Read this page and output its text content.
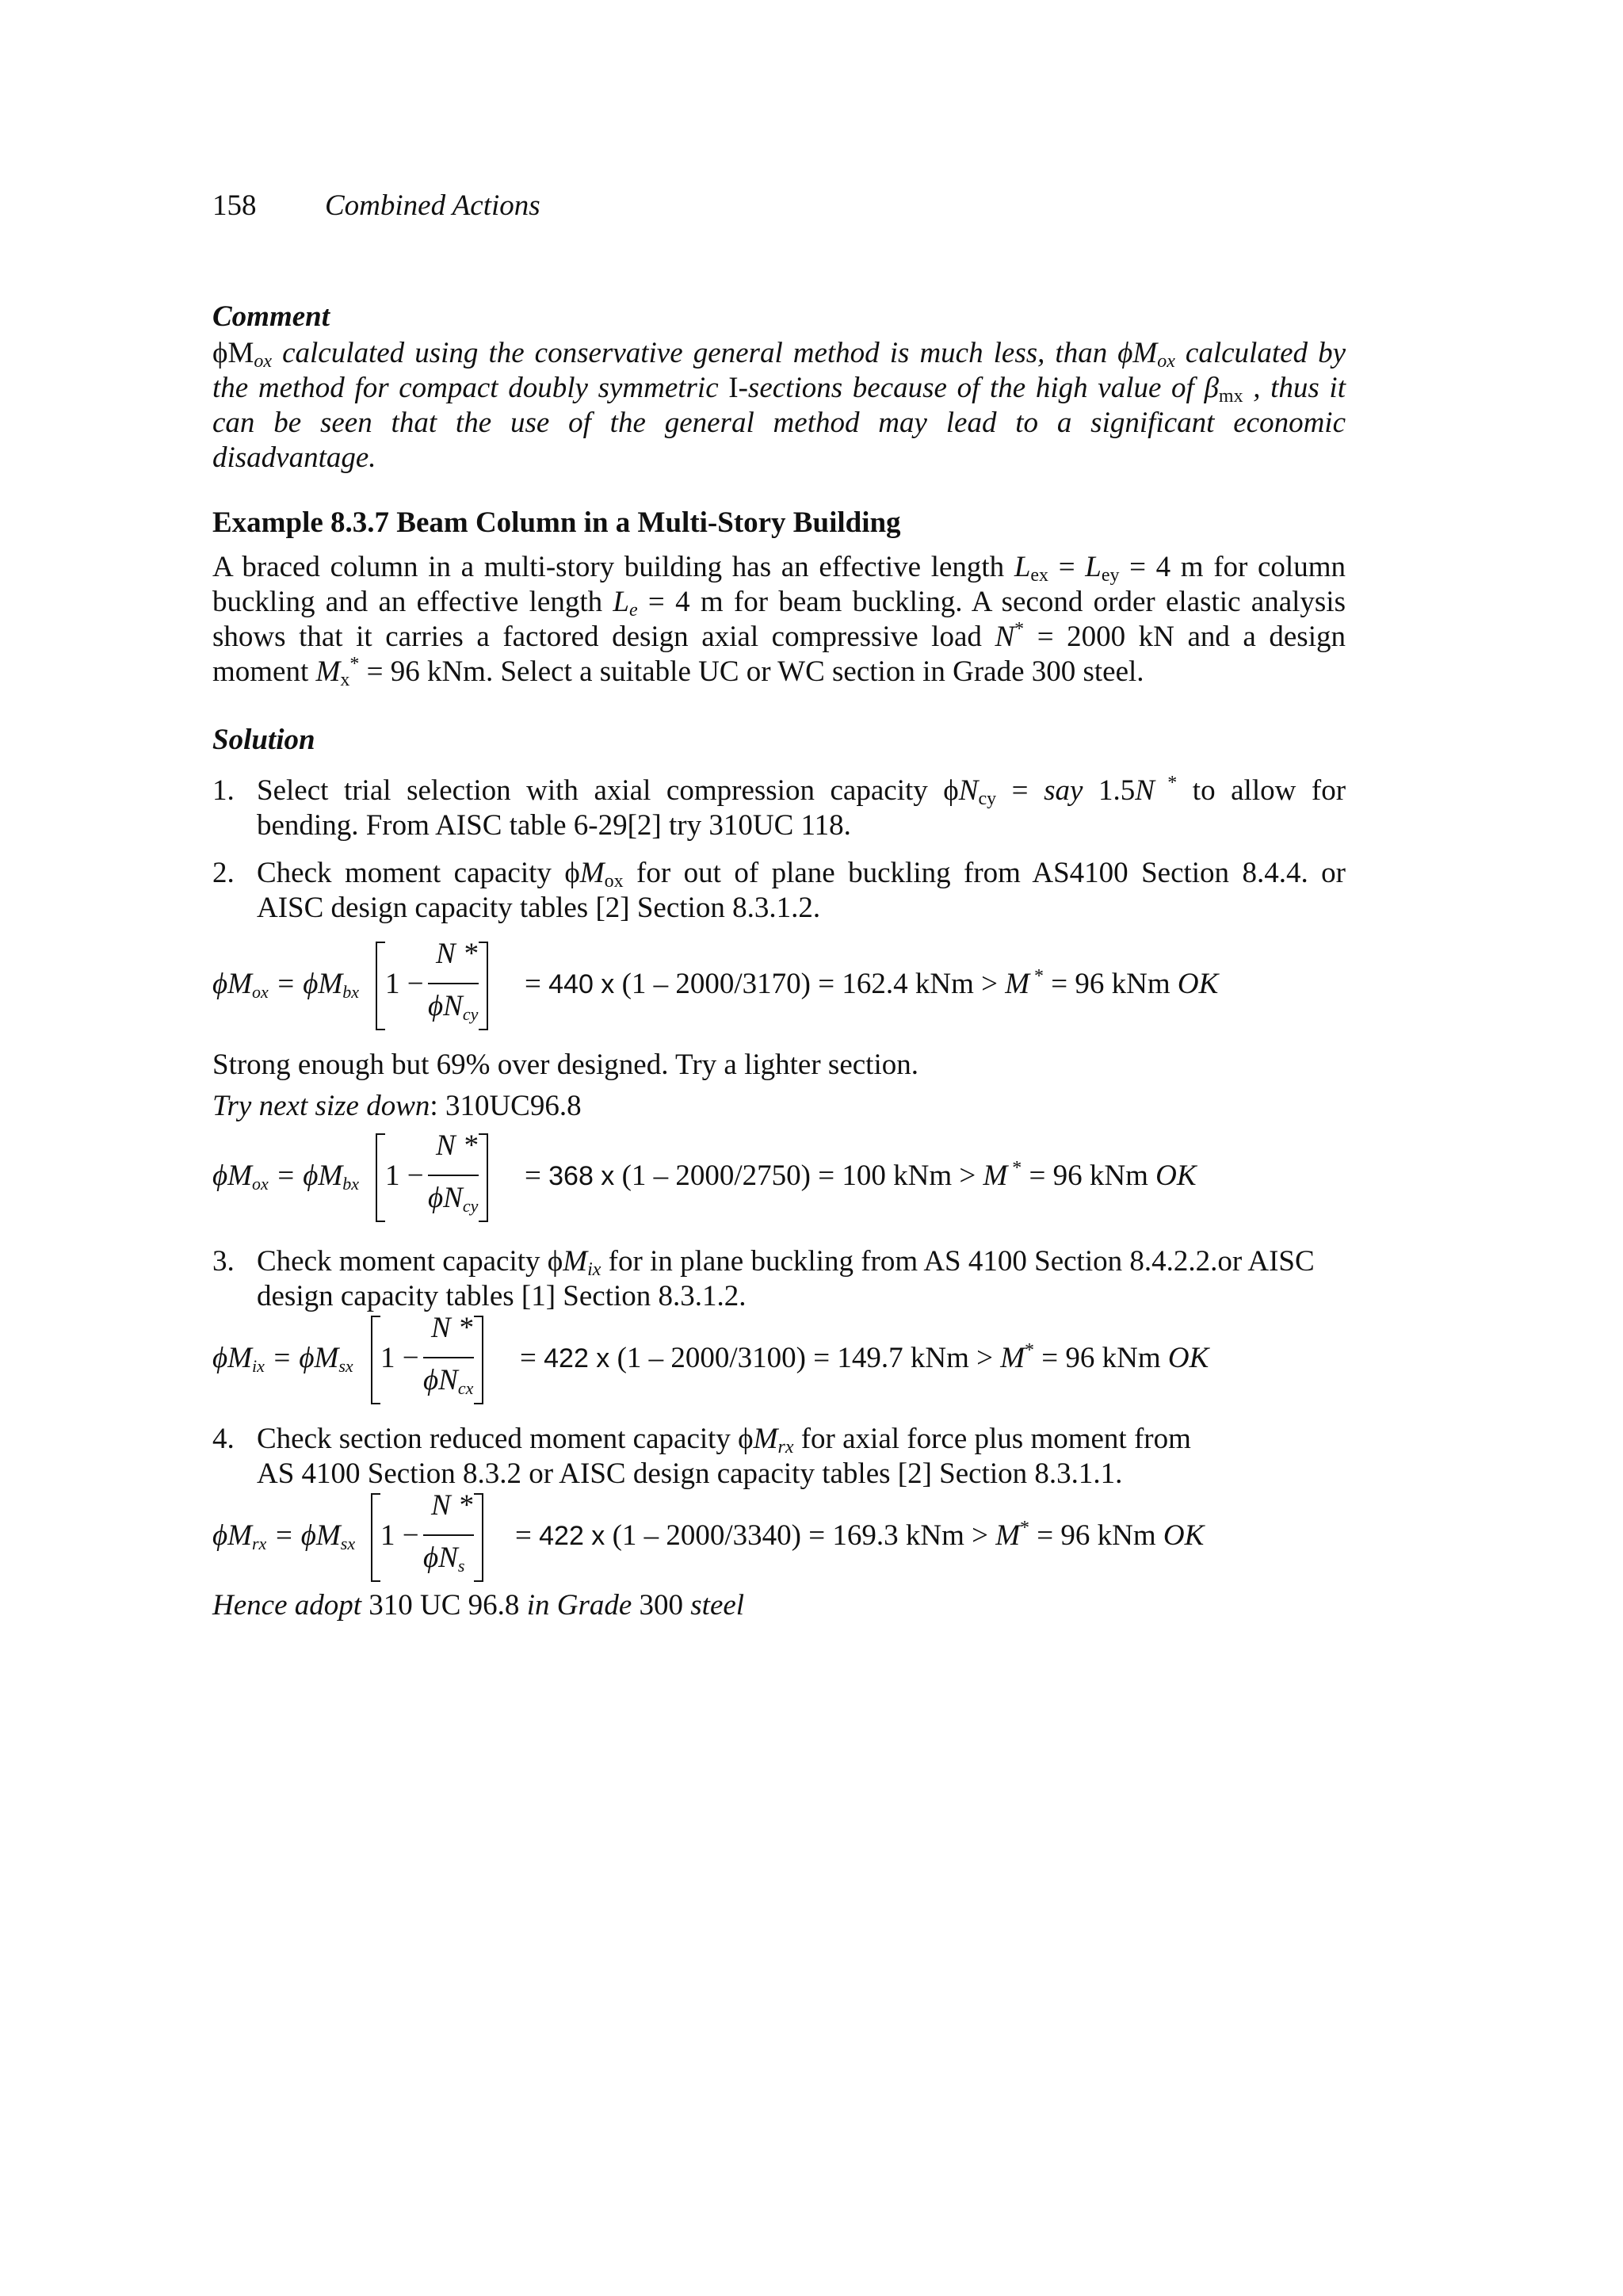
158 Combined Actions
Comment
$\phi M_{ox}$ calculated using the conservative general method is much less, than $\phi M_{ox}$ calculated by
the method for compact doubly symmetric I-sections because of the high value of $\beta_{mx}$ , thus it
can be seen that the use of the general method may lead to a significant economic
disadvantage.
Example 8.3.7 Beam Column in a Multi-Story Building
A braced column in a multi-story building has an effective length $L_{ex} = L_{ey} = 4$ m for column
buckling and an effective length $L_e = 4$ m for beam buckling. A second order elastic analysis
shows that it carries a factored design axial compressive load N* = 2000 kN and a design
moment $M_x^* = 96$ kNm. Select a suitable UC or WC section in Grade 300 steel.
Solution
1. Select trial selection with axial compression capacity $\phi N_{cy}$ = say 1.5N * to allow for
bending. From AISC table 6-29[2] try 310UC 118.
2. Check moment capacity $\phi M_{ox}$ for out of plane buckling from AS4100 Section 8.4.4. or
AISC design capacity tables [2] Section 8.3.1.2.
$\phi M_{ox} = \phi M_{bx}$ 1 −
N *
$\phi N_{cy}$
= 440 x (1 – 2000/3170) = 162.4 kNm > M * = 96 kNm OK
Strong enough but 69% over designed. Try a lighter section.
Try next size down: 310UC96.8
$\phi M_{ox} = \phi M_{bx}$ 1 −
N *
$\phi N_{cy}$
= 368 x (1 – 2000/2750) = 100 kNm > M * = 96 kNm OK
3. Check moment capacity $\phi M_{ix}$ for in plane buckling from AS 4100 Section 8.4.2.2.or AISC
design capacity tables [1] Section 8.3.1.2.
$\phi M_{ix} = \phi M_{sx}$ 1 −
N *
$\phi N_{cx}$
= 422 x (1 – 2000/3100) = 149.7 kNm > M* = 96 kNm OK
4. Check section reduced moment capacity $\phi M_{rx}$ for axial force plus moment from
AS 4100 Section 8.3.2 or AISC design capacity tables [2] Section 8.3.1.1.
$\phi M_{rx} = \phi M_{sx}$ 1 −
N *
$\phi N_s$
= 422 x (1 – 2000/3340) = 169.3 kNm > M* = 96 kNm OK
Hence adopt 310 UC 96.8 in Grade 300 steel
